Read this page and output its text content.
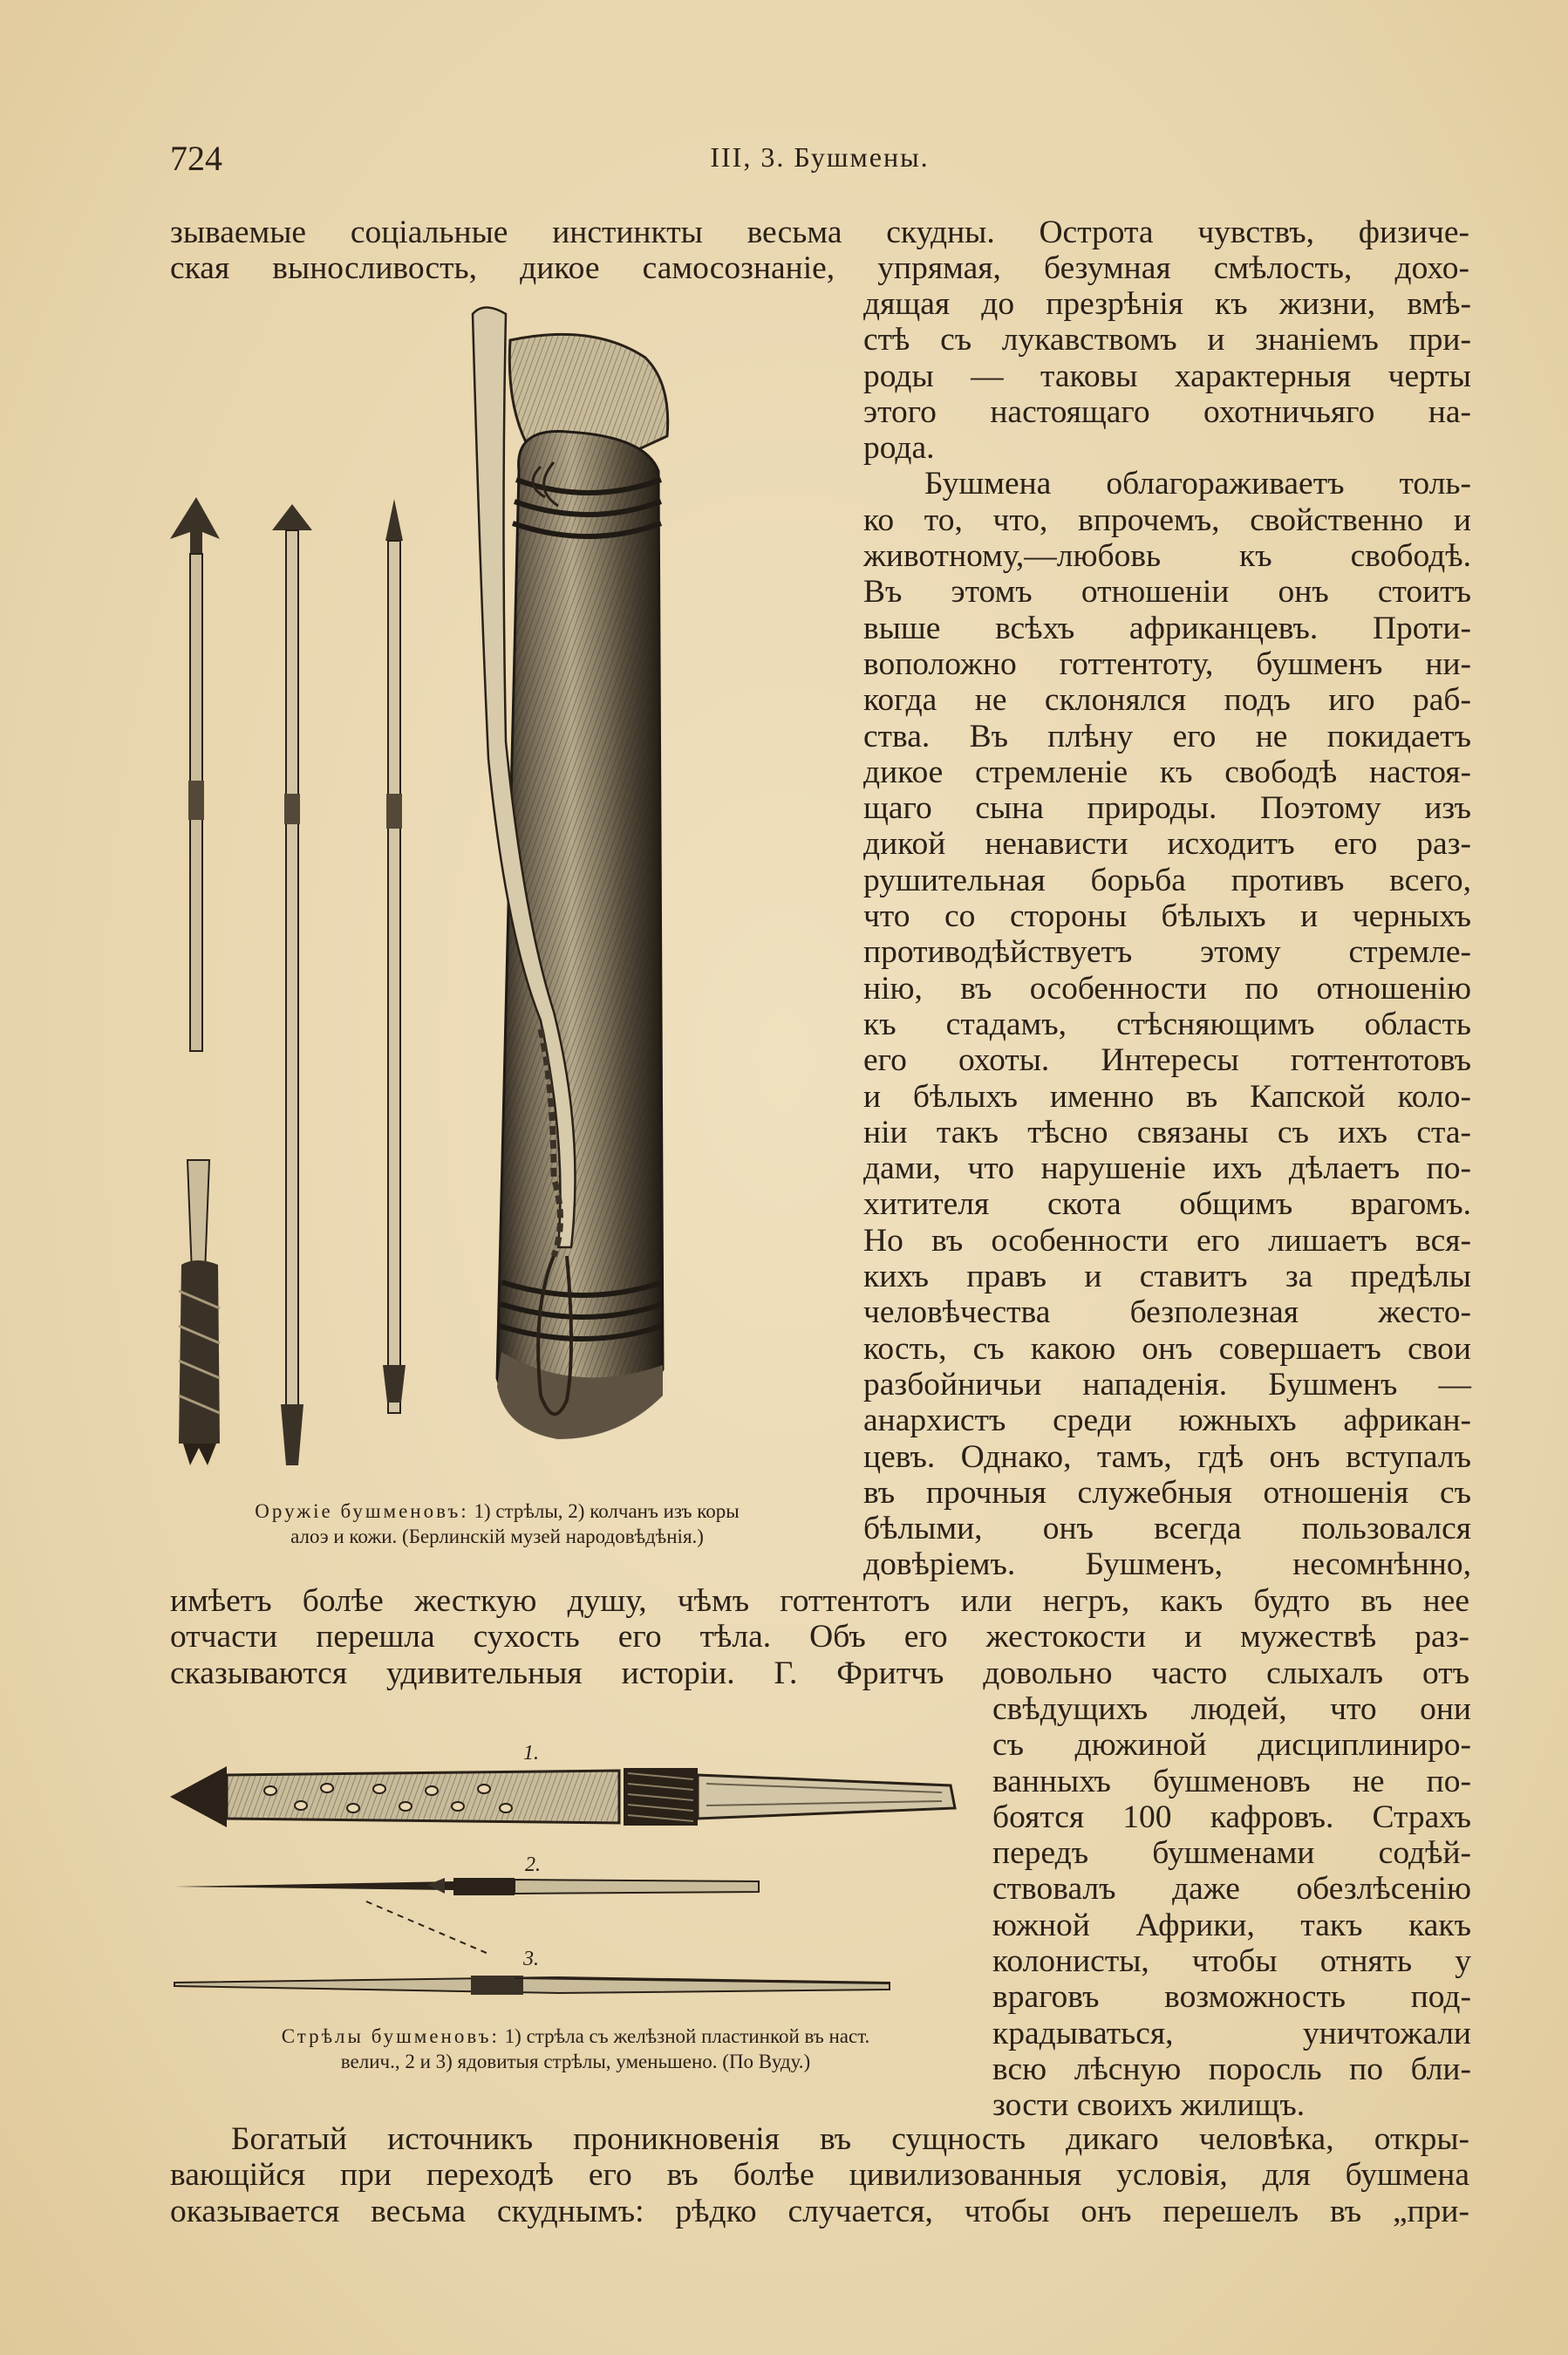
724	III, 3. Бушмены.
зываемые соціальные инстинкты весьма скудны. Острота чувствъ, физиче-
ская выносливость, дикое самосознаніе, упрямая, безумная смѣлость, дохо-
дящая до презрѣнія къ жизни, вмѣ-
стѣ съ лукавствомъ и знаніемъ при-
роды — таковы характерныя черты
этого настоящаго охотничьяго на-
рода.
Бушмена облагораживаетъ толь-
ко то, что, впрочемъ, свойственно и
животному,—любовь къ свободѣ.
Въ этомъ отношеніи онъ стоитъ
выше всѣхъ африканцевъ. Проти-
воположно готтентоту, бушменъ ни-
когда не склонялся подъ иго раб-
ства. Въ плѣну его не покидаетъ
дикое стремленіе къ свободѣ настоя-
щаго сына природы. Поэтому изъ
дикой ненависти исходитъ его раз-
рушительная борьба противъ всего,
что со стороны бѣлыхъ и черныхъ
противодѣйствуетъ этому стремле-
нію, въ особенности по отношенію
къ стадамъ, стѣсняющимъ область
его охоты. Интересы готтентотовъ
и бѣлыхъ именно въ Капской коло-
ніи такъ тѣсно связаны съ ихъ ста-
дами, что нарушеніе ихъ дѣлаетъ по-
хитителя скота общимъ врагомъ.
Но въ особенности его лишаетъ вся-
кихъ правъ и ставитъ за предѣлы
человѣчества безполезная жесто-
кость, съ какою онъ совершаетъ свои
разбойничьи нападенія. Бушменъ —
анархистъ среди южныхъ африкан-
цевъ. Однако, тамъ, гдѣ онъ вступалъ
въ прочныя служебныя отношенія съ
бѣлыми, онъ всегда пользовался
довѣріемъ. Бушменъ, несомнѣнно,
имѣетъ болѣе жесткую душу, чѣмъ готтентотъ или негръ, какъ будто въ нее
отчасти перешла сухость его тѣла. Объ его жестокости и мужествѣ раз-
сказываются удивительныя исторіи. Г. Фритчъ довольно часто слыхалъ отъ
свѣдущихъ людей, что они
съ дюжиной дисциплиниро-
ванныхъ бушменовъ не по-
боятся 100 кафровъ. Страхъ
передъ бушменами содѣй-
ствовалъ даже обезлѣсенію
южной Африки, такъ какъ
колонисты, чтобы отнять у
враговъ возможность под-
крадываться, уничтожали
всю лѣсную поросль по бли-
зости своихъ жилищъ.
Богатый источникъ проникновенія въ сущность дикаго человѣка, откры-
вающійся при переходѣ его въ болѣе цивилизованныя условія, для бушмена
оказывается весьма скуднымъ: рѣдко случается, чтобы онъ перешелъ въ „при-
Оружіе бушменовъ: 1) стрѣлы, 2) колчанъ изъ коры
алоэ и кожи. (Берлинскій музей народовѣдѣнія.)
1.
2.
3.
Стрѣлы бушменовъ: 1) стрѣла съ желѣзной пластинкой въ наст.
велич., 2 и 3) ядовитыя стрѣлы, уменьшено. (По Вуду.)
